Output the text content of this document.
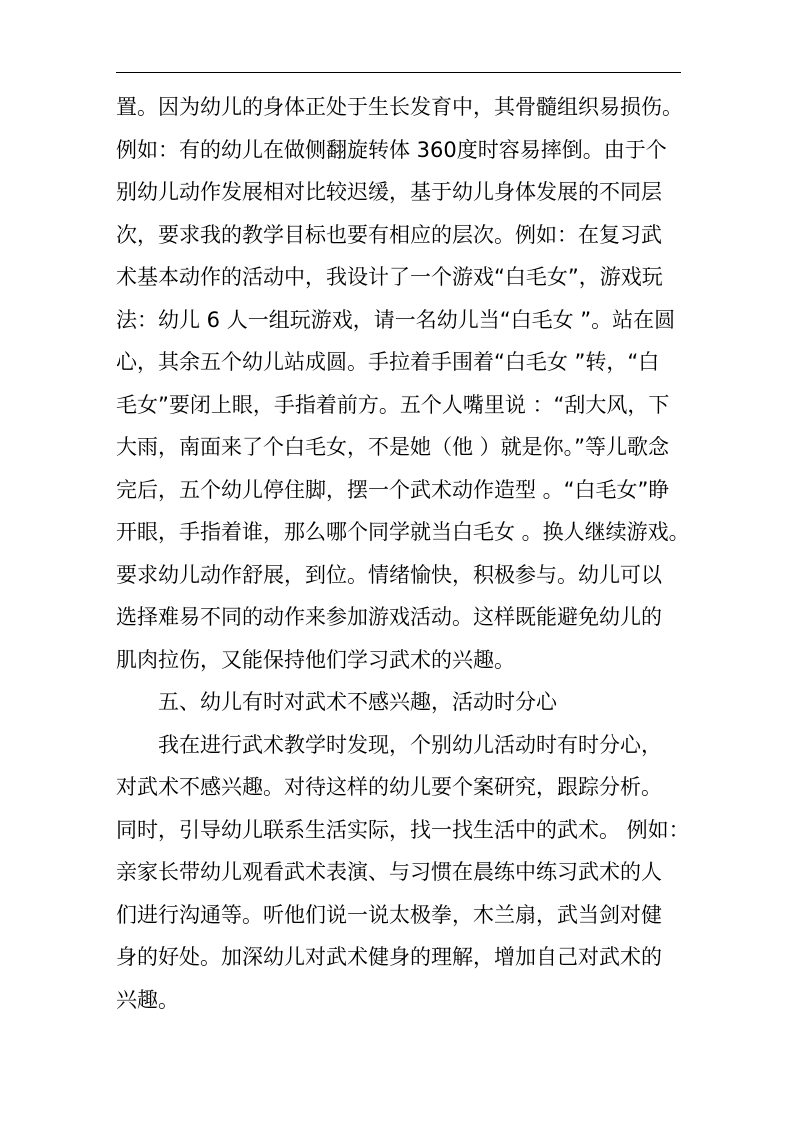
置。因为幼儿的身体正处于生长发育中，其骨髓组织易损伤。
例如：有的幼儿在做侧翻旋转体 360度时容易摔倒。由于个
别幼儿动作发展相对比较迟缓，基于幼儿身体发展的不同层
次，要求我的教学目标也要有相应的层次。例如：在复习武
术基本动作的活动中，我设计了一个游戏“白毛女”，游戏玩
法：幼儿 6 人一组玩游戏，请一名幼儿当“白毛女 ”。站在圆
心，其余五个幼儿站成圆。手拉着手围着“白毛女 ”转，“白
毛女”要闭上眼，手指着前方。五个人嘴里说 ：“刮大风，下
大雨，南面来了个白毛女，不是她（他 ）就是你。”等儿歌念
完后，五个幼儿停住脚，摆一个武术动作造型 。“白毛女”睁
开眼，手指着谁，那么哪个同学就当白毛女 。换人继续游戏。
要求幼儿动作舒展，到位。情绪愉快，积极参与。幼儿可以
选择难易不同的动作来参加游戏活动。这样既能避免幼儿的
肌肉拉伤，又能保持他们学习武术的兴趣。
五、幼儿有时对武术不感兴趣，活动时分心
我在进行武术教学时发现，个别幼儿活动时有时分心，
对武术不感兴趣。对待这样的幼儿要个案研究，跟踪分析。
同时，引导幼儿联系生活实际，找一找生活中的武术。 例如：
亲家长带幼儿观看武术表演、与习惯在晨练中练习武术的人
们进行沟通等。听他们说一说太极拳，木兰扇，武当剑对健
身的好处。加深幼儿对武术健身的理解，增加自己对武术的
兴趣。
